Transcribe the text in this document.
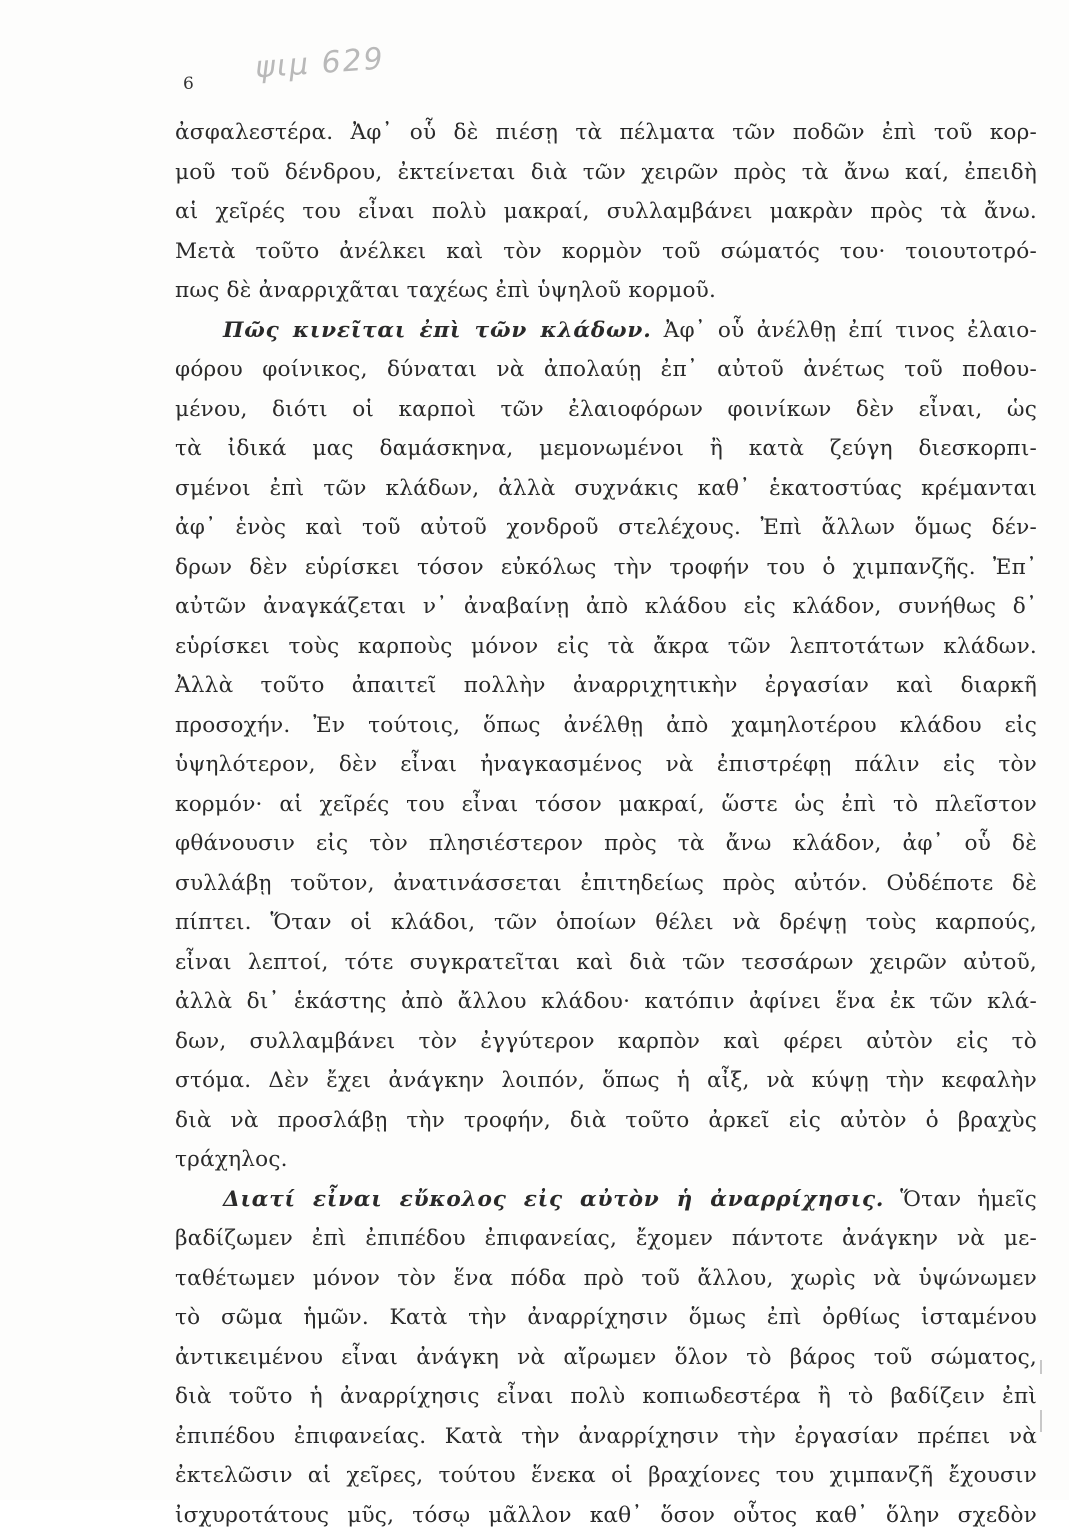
6 ψιμ 629
ἀσφαλεστέρα. Ἀφ᾽ οὗ δὲ πιέσῃ τὰ πέλματα τῶν ποδῶν ἐπὶ τοῦ κορ-
μοῦ τοῦ δένδρου, ἐκτείνεται διὰ τῶν χειρῶν πρὸς τὰ ἄνω καί, ἐπειδὴ
αἱ χεῖρές του εἶναι πολὺ μακραί, συλλαμβάνει μακρὰν πρὸς τὰ ἄνω.
Μετὰ τοῦτο ἀνέλκει καὶ τὸν κορμὸν τοῦ σώματός του· τοιουτοτρό-
πως δὲ ἀναρριχᾶται ταχέως ἐπὶ ὑψηλοῦ κορμοῦ.
Πῶς κινεῖται ἐπὶ τῶν κλάδων. Ἀφ᾽ οὗ ἀνέλθῃ ἐπί τινος ἐλαιο-
φόρου φοίνικος, δύναται νὰ ἀπολαύῃ ἐπ᾽ αὐτοῦ ἀνέτως τοῦ ποθου-
μένου, διότι οἱ καρποὶ τῶν ἐλαιοφόρων φοινίκων δὲν εἶναι, ὡς
τὰ ἰδικά μας δαμάσκηνα, μεμονωμένοι ἢ κατὰ ζεύγη διεσκορπι-
σμένοι ἐπὶ τῶν κλάδων, ἀλλὰ συχνάκις καθ᾽ ἑκατοστύας κρέμανται
ἀφ᾽ ἑνὸς καὶ τοῦ αὐτοῦ χονδροῦ στελέχους. Ἐπὶ ἄλλων ὅμως δέν-
δρων δὲν εὑρίσκει τόσον εὐκόλως τὴν τροφήν του ὁ χιμπανζῆς. Ἐπ᾽
αὐτῶν ἀναγκάζεται ν᾽ ἀναβαίνῃ ἀπὸ κλάδου εἰς κλάδον, συνήθως δ᾽
εὑρίσκει τοὺς καρποὺς μόνον εἰς τὰ ἄκρα τῶν λεπτοτάτων κλάδων.
Ἀλλὰ τοῦτο ἀπαιτεῖ πολλὴν ἀναρριχητικὴν ἐργασίαν καὶ διαρκῆ
προσοχήν. Ἐν τούτοις, ὅπως ἀνέλθῃ ἀπὸ χαμηλοτέρου κλάδου εἰς
ὑψηλότερον, δὲν εἶναι ἠναγκασμένος νὰ ἐπιστρέφῃ πάλιν εἰς τὸν
κορμόν· αἱ χεῖρές του εἶναι τόσον μακραί, ὥστε ὡς ἐπὶ τὸ πλεῖστον
φθάνουσιν εἰς τὸν πλησιέστερον πρὸς τὰ ἄνω κλάδον, ἀφ᾽ οὗ δὲ
συλλάβῃ τοῦτον, ἀνατινάσσεται ἐπιτηδείως πρὸς αὐτόν. Οὐδέποτε δὲ
πίπτει. Ὅταν οἱ κλάδοι, τῶν ὁποίων θέλει νὰ δρέψῃ τοὺς καρπούς,
εἶναι λεπτοί, τότε συγκρατεῖται καὶ διὰ τῶν τεσσάρων χειρῶν αὐτοῦ,
ἀλλὰ δι᾽ ἑκάστης ἀπὸ ἄλλου κλάδου· κατόπιν ἀφίνει ἕνα ἐκ τῶν κλά-
δων, συλλαμβάνει τὸν ἐγγύτερον καρπὸν καὶ φέρει αὐτὸν εἰς τὸ
στόμα. Δὲν ἔχει ἀνάγκην λοιπόν, ὅπως ἡ αἶξ, νὰ κύψῃ τὴν κεφαλὴν
διὰ νὰ προσλάβῃ τὴν τροφήν, διὰ τοῦτο ἀρκεῖ εἰς αὐτὸν ὁ βραχὺς
τράχηλος.
Διατί εἶναι εὔκολος εἰς αὐτὸν ἡ ἀναρρίχησις. Ὅταν ἡμεῖς
βαδίζωμεν ἐπὶ ἐπιπέδου ἐπιφανείας, ἔχομεν πάντοτε ἀνάγκην νὰ με-
ταθέτωμεν μόνον τὸν ἕνα πόδα πρὸ τοῦ ἄλλου, χωρὶς νὰ ὑψώνωμεν
τὸ σῶμα ἡμῶν. Κατὰ τὴν ἀναρρίχησιν ὅμως ἐπὶ ὀρθίως ἱσταμένου
ἀντικειμένου εἶναι ἀνάγκη νὰ αἴρωμεν ὅλον τὸ βάρος τοῦ σώματος,
διὰ τοῦτο ἡ ἀναρρίχησις εἶναι πολὺ κοπιωδεστέρα ἢ τὸ βαδίζειν ἐπὶ
ἐπιπέδου ἐπιφανείας. Κατὰ τὴν ἀναρρίχησιν τὴν ἐργασίαν πρέπει νὰ
ἐκτελῶσιν αἱ χεῖρες, τούτου ἕνεκα οἱ βραχίονες του χιμπανζῆ ἔχουσιν
ἰσχυροτάτους μῦς, τόσῳ μᾶλλον καθ᾽ ὅσον οὗτος καθ᾽ ὅλην σχεδὸν
